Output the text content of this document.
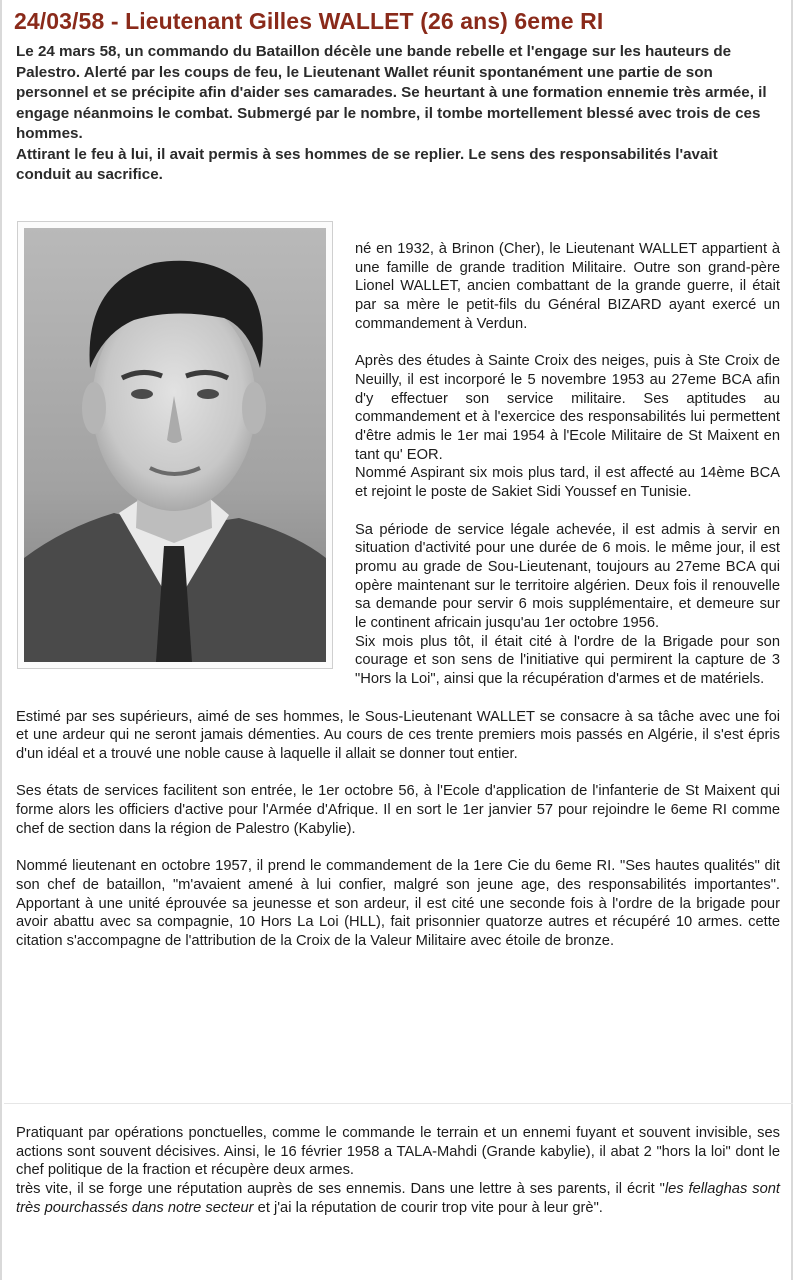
24/03/58 - Lieutenant Gilles WALLET (26 ans) 6eme RI
Le 24 mars 58, un commando du Bataillon décèle une bande rebelle et l'engage sur les hauteurs de Palestro. Alerté par les coups de feu, le Lieutenant Wallet réunit spontanément une partie de son personnel et se précipite afin d'aider ses camarades. Se heurtant à une formation ennemie très armée, il engage néanmoins le combat. Submergé par le nombre, il tombe mortellement blessé avec trois de ces hommes.
Attirant le feu à lui, il avait permis à ses hommes de se replier. Le sens des responsabilités l'avait conduit au sacrifice.

né en 1932, à Brinon (Cher), le Lieutenant WALLET appartient à une famille de grande tradition Militaire. Outre son grand-père Lionel WALLET, ancien combattant de la grande guerre, il était par sa mère le petit-fils du Général BIZARD ayant exercé un commandement à Verdun.

Après des études à Sainte Croix des neiges, puis à Ste Croix de Neuilly, il est incorporé le 5 novembre 1953 au 27eme BCA afin d'y effectuer son service militaire. Ses aptitudes au commandement et à l'exercice des responsabilités lui permettent d'être admis le 1er mai 1954 à l'Ecole Militaire de St Maixent en tant qu' EOR.

Nommé Aspirant six mois plus tard, il est affecté au 14ème BCA et rejoint le poste de Sakiet Sidi Youssef en Tunisie.

Sa période de service légale achevée, il est admis à servir en situation d'activité pour une durée de 6 mois. le même jour, il est promu au grade de Sou-Lieutenant, toujours au 27eme BCA qui opère maintenant sur le territoire algérien. Deux fois il renouvelle sa demande pour servir 6 mois supplémentaire, et demeure sur le continent africain jusqu'au 1er octobre 1956.

Six mois plus tôt, il était cité à l'ordre de la Brigade pour son courage et son sens de l'initiative qui permirent la capture de 3 "Hors la Loi", ainsi que la récupération d'armes et de matériels.

Estimé par ses supérieurs, aimé de ses hommes, le Sous-Lieutenant WALLET se consacre à sa tâche avec une foi et une ardeur qui ne seront jamais démenties. Au cours de ces trente premiers mois passés en Algérie, il s'est épris d'un idéal et a trouvé une noble cause à laquelle il allait se donner tout entier.

Ses états de services facilitent son entrée, le 1er octobre 56, à l'Ecole d'application de l'infanterie de St Maixent qui forme alors les officiers d'active pour l'Armée d'Afrique. Il en sort le 1er janvier 57 pour rejoindre le 6eme RI comme chef de section dans la région de Palestro (Kabylie).

Nommé lieutenant en octobre 1957, il prend le commandement de la 1ere Cie du 6eme RI. "Ses hautes qualités" dit son chef de bataillon, "m'avaient amené à lui confier, malgré son jeune age, des responsabilités importantes". Apportant à une unité éprouvée sa jeunesse et son ardeur, il est cité une seconde fois à l'ordre de la brigade pour avoir abattu avec sa compagnie, 10 Hors La Loi (HLL), fait prisonnier quatorze autres et récupéré 10 armes. cette citation s'accompagne de l'attribution de la Croix de la Valeur Militaire avec étoile de bronze.

Pratiquant par opérations ponctuelles, comme le commande le terrain et un ennemi fuyant et souvent invisible, ses actions sont souvent décisives. Ainsi, le 16 février 1958 a TALA-Mahdi (Grande kabylie), il abat 2 "hors la loi" dont le chef politique de la fraction et récupère deux armes.

très vite, il se forge une réputation auprès de ses ennemis. Dans une lettre à ses parents, il écrit "les fellaghas sont très pourchassés dans notre secteur et j'ai la réputation de courir trop vite pour à leur grè".
